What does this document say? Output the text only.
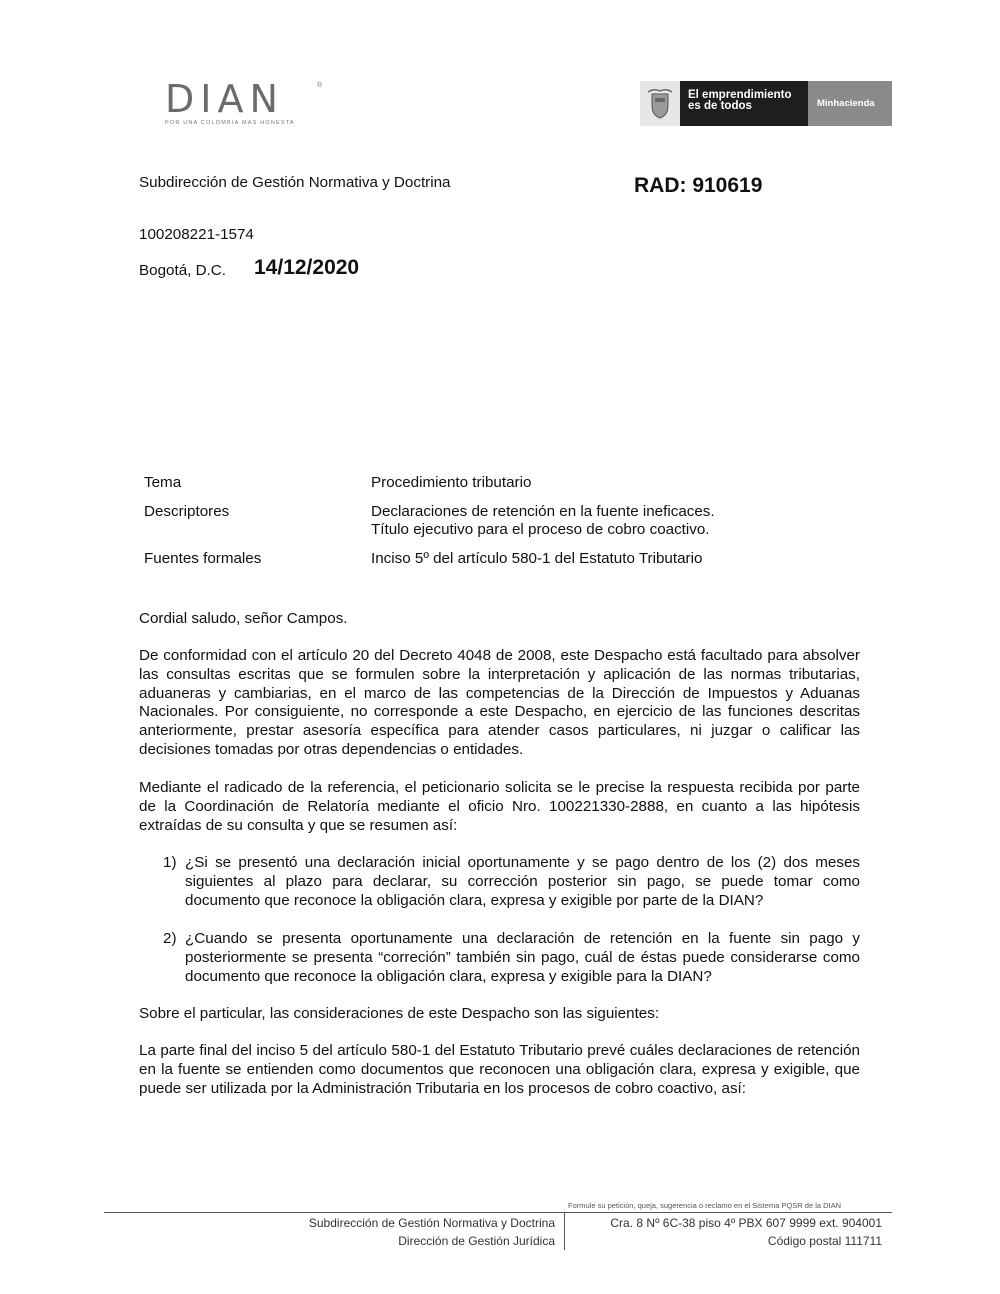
DIAN	®
POR UNA COLOMBIA MÁS HONESTA
El emprendimiento
es de todos	Minhacienda
Subdirección de Gestión Normativa y Doctrina	RAD: 910619
100208221-1574
Bogotá, D.C. 14/12/2020
Tema	Procedimiento tributario
Descriptores	Declaraciones de retención en la fuente ineficaces.
Título ejecutivo para el proceso de cobro coactivo.
Fuentes formales	Inciso 5º del artículo 580-1 del Estatuto Tributario
Cordial saludo, señor Campos.
De conformidad con el artículo 20 del Decreto 4048 de 2008, este Despacho está facultado para absolver las consultas escritas que se formulen sobre la interpretación y aplicación de las normas tributarias, aduaneras y cambiarias, en el marco de las competencias de la Dirección de Impuestos y Aduanas Nacionales. Por consiguiente, no corresponde a este Despacho, en ejercicio de las funciones descritas anteriormente, prestar asesoría específica para atender casos particulares, ni juzgar o calificar las decisiones tomadas por otras dependencias o entidades.
Mediante el radicado de la referencia, el peticionario solicita se le precise la respuesta recibida por parte de la Coordinación de Relatoría mediante el oficio Nro. 100221330-2888, en cuanto a las hipótesis extraídas de su consulta y que se resumen así:
1) ¿Si se presentó una declaración inicial oportunamente y se pago dentro de los (2) dos meses siguientes al plazo para declarar, su corrección posterior sin pago, se puede tomar como documento que reconoce la obligación clara, expresa y exigible por parte de la DIAN?
2) ¿Cuando se presenta oportunamente una declaración de retención en la fuente sin pago y posteriormente se presenta “correción” también sin pago, cuál de éstas puede considerarse como documento que reconoce la obligación clara, expresa y exigible para la DIAN?
Sobre el particular, las consideraciones de este Despacho son las siguientes:
La parte final del inciso 5 del artículo 580-1 del Estatuto Tributario prevé cuáles declaraciones de retención en la fuente se entienden como documentos que reconocen una obligación clara, expresa y exigible, que puede ser utilizada por la Administración Tributaria en los procesos de cobro coactivo, así:
Formule su petición, queja, sugerencia o reclamo en el Sistema PQSR de la DIAN
Subdirección de Gestión Normativa y Doctrina
Dirección de Gestión Jurídica
Cra. 8 Nº 6C-38 piso 4º PBX 607 9999 ext. 904001
Código postal 111711
